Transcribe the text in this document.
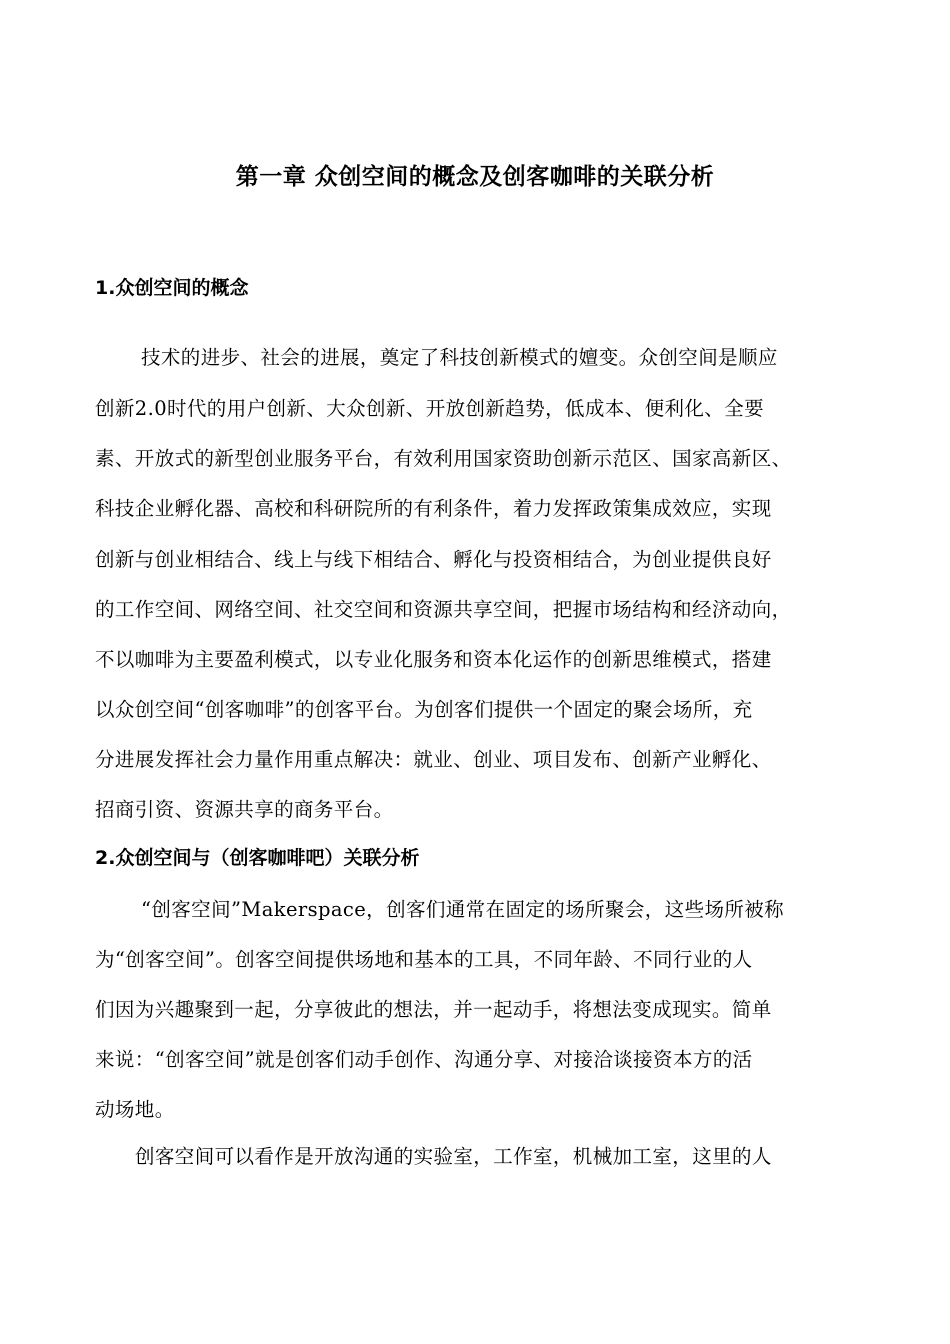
第一章 众创空间的概念及创客咖啡的关联分析
1.众创空间的概念
技术的进步、社会的进展，奠定了科技创新模式的嬗变。众创空间是顺应
创新2.0时代的用户创新、大众创新、开放创新趋势，低成本、便利化、全要
素、开放式的新型创业服务平台，有效利用国家资助创新示范区、国家高新区、
科技企业孵化器、高校和科研院所的有利条件，着力发挥政策集成效应，实现
创新与创业相结合、线上与线下相结合、孵化与投资相结合，为创业提供良好
的工作空间、网络空间、社交空间和资源共享空间，把握市场结构和经济动向，
不以咖啡为主要盈利模式，以专业化服务和资本化运作的创新思维模式，搭建
以众创空间“创客咖啡”的创客平台。为创客们提供一个固定的聚会场所，充
分进展发挥社会力量作用重点解决：就业、创业、项目发布、创新产业孵化、
招商引资、资源共享的商务平台。
2.众创空间与（创客咖啡吧）关联分析
“创客空间”Makerspace，创客们通常在固定的场所聚会，这些场所被称
为“创客空间”。创客空间提供场地和基本的工具，不同年龄、不同行业的人
们因为兴趣聚到一起，分享彼此的想法，并一起动手，将想法变成现实。简单
来说：“创客空间”就是创客们动手创作、沟通分享、对接洽谈接资本方的活
动场地。
创客空间可以看作是开放沟通的实验室，工作室，机械加工室，这里的人
